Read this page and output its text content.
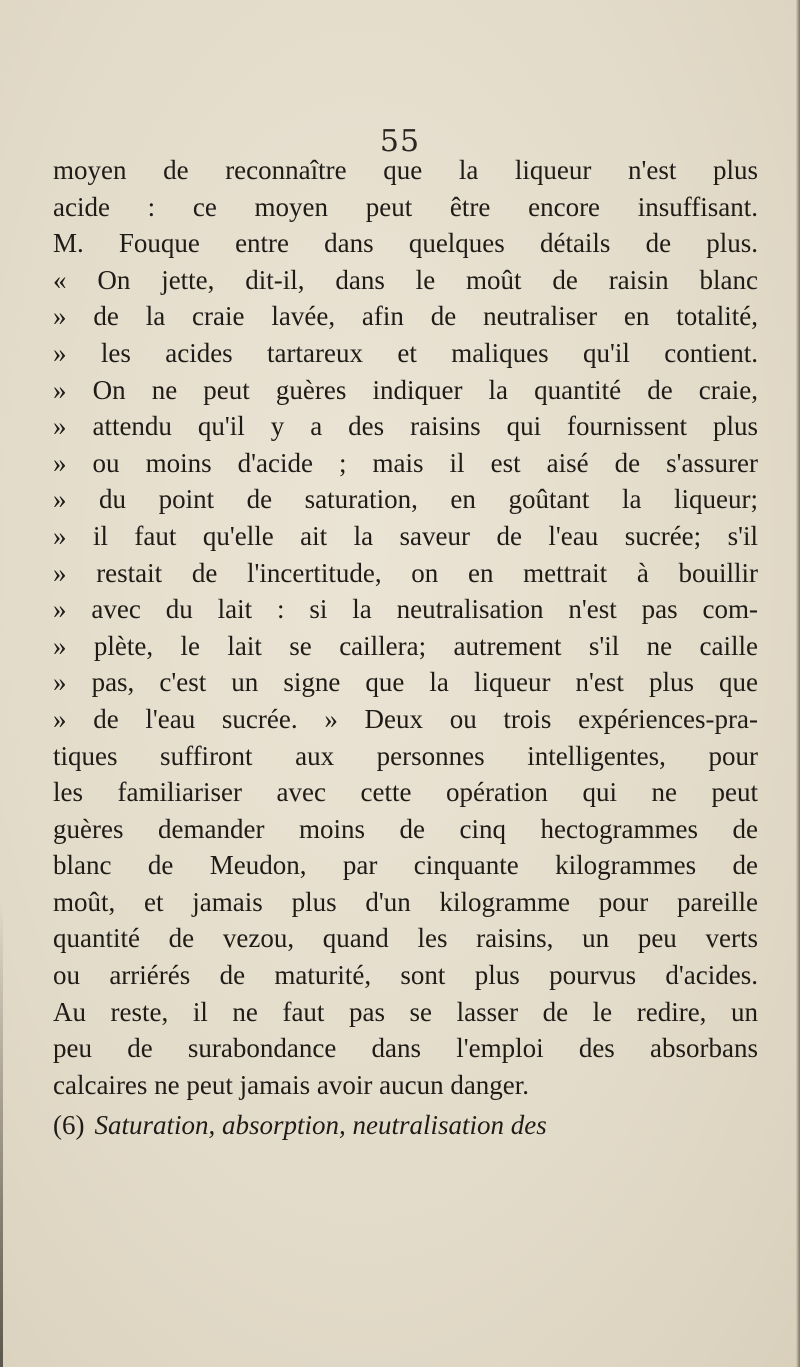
55
moyen de reconnaître que la liqueur n'est plus
acide : ce moyen peut être encore insuffisant.
M. Fouque entre dans quelques détails de plus.
« On jette, dit-il, dans le moût de raisin blanc
» de la craie lavée, afin de neutraliser en totalité,
» les acides tartareux et maliques qu'il contient.
» On ne peut guères indiquer la quantité de craie,
» attendu qu'il y a des raisins qui fournissent plus
» ou moins d'acide ; mais il est aisé de s'assurer
» du point de saturation, en goûtant la liqueur;
» il faut qu'elle ait la saveur de l'eau sucrée; s'il
» restait de l'incertitude, on en mettrait à bouillir
» avec du lait : si la neutralisation n'est pas com-
» plète, le lait se caillera; autrement s'il ne caille
» pas, c'est un signe que la liqueur n'est plus que
» de l'eau sucrée. » Deux ou trois expériences-pra-
tiques suffiront aux personnes intelligentes, pour
les familiariser avec cette opération qui ne peut
guères demander moins de cinq hectogrammes de
blanc de Meudon, par cinquante kilogrammes de
moût, et jamais plus d'un kilogramme pour pareille
quantité de vezou, quand les raisins, un peu verts
ou arriérés de maturité, sont plus pourvus d'acides.
Au reste, il ne faut pas se lasser de le redire, un
peu de surabondance dans l'emploi des absorbans
calcaires ne peut jamais avoir aucun danger.
(6) Saturation, absorption, neutralisation des
